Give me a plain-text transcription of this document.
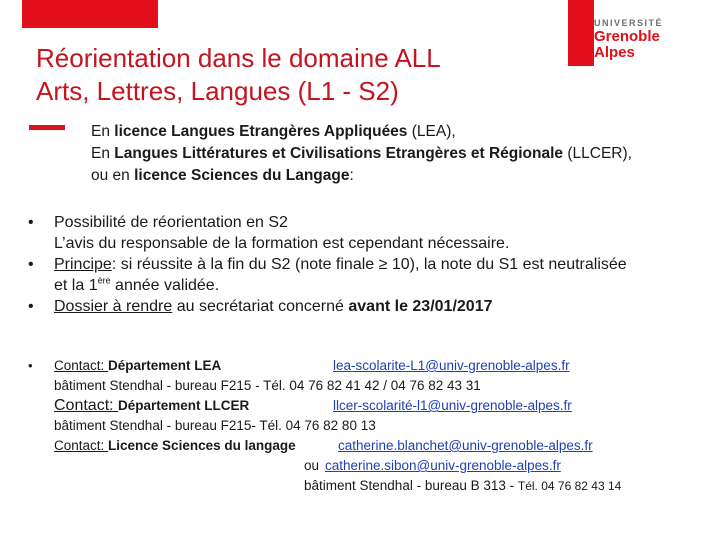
Réorientation dans le domaine ALL
Arts, Lettres, Langues (L1 - S2)
UNIVERSITÉ
Grenoble
Alpes

En licence Langues Etrangères Appliquées (LEA),

En Langues Littératures et Civilisations Etrangères et Régionale (LLCER),

ou en licence Sciences du Langage:

• Possibilité de réorientation en S2

L’avis du responsable de la formation est cependant nécessaire.

• Principe: si réussite à la fin du S2 (note finale ≥ 10), la note du S1 est neutralisée

et la 1ère année validée.

• Dossier à rendre au secrétariat concerné avant le 23/01/2017

• Contact: Département LEA	lea-scolarite-L1@univ-grenoble-alpes.fr
bâtiment Stendhal - bureau F215 - Tél. 04 76 82 41 42 / 04 76 82 43 31
Contact: Département LLCER	llcer-scolarité-l1@univ-grenoble-alpes.fr
bâtiment Stendhal - bureau F215- Tél. 04 76 82 80 13
Contact: Licence Sciences du langage	catherine.blanchet@univ-grenoble-alpes.fr
ou catherine.sibon@univ-grenoble-alpes.fr
bâtiment Stendhal - bureau B 313 - Tél. 04 76 82 43 14
